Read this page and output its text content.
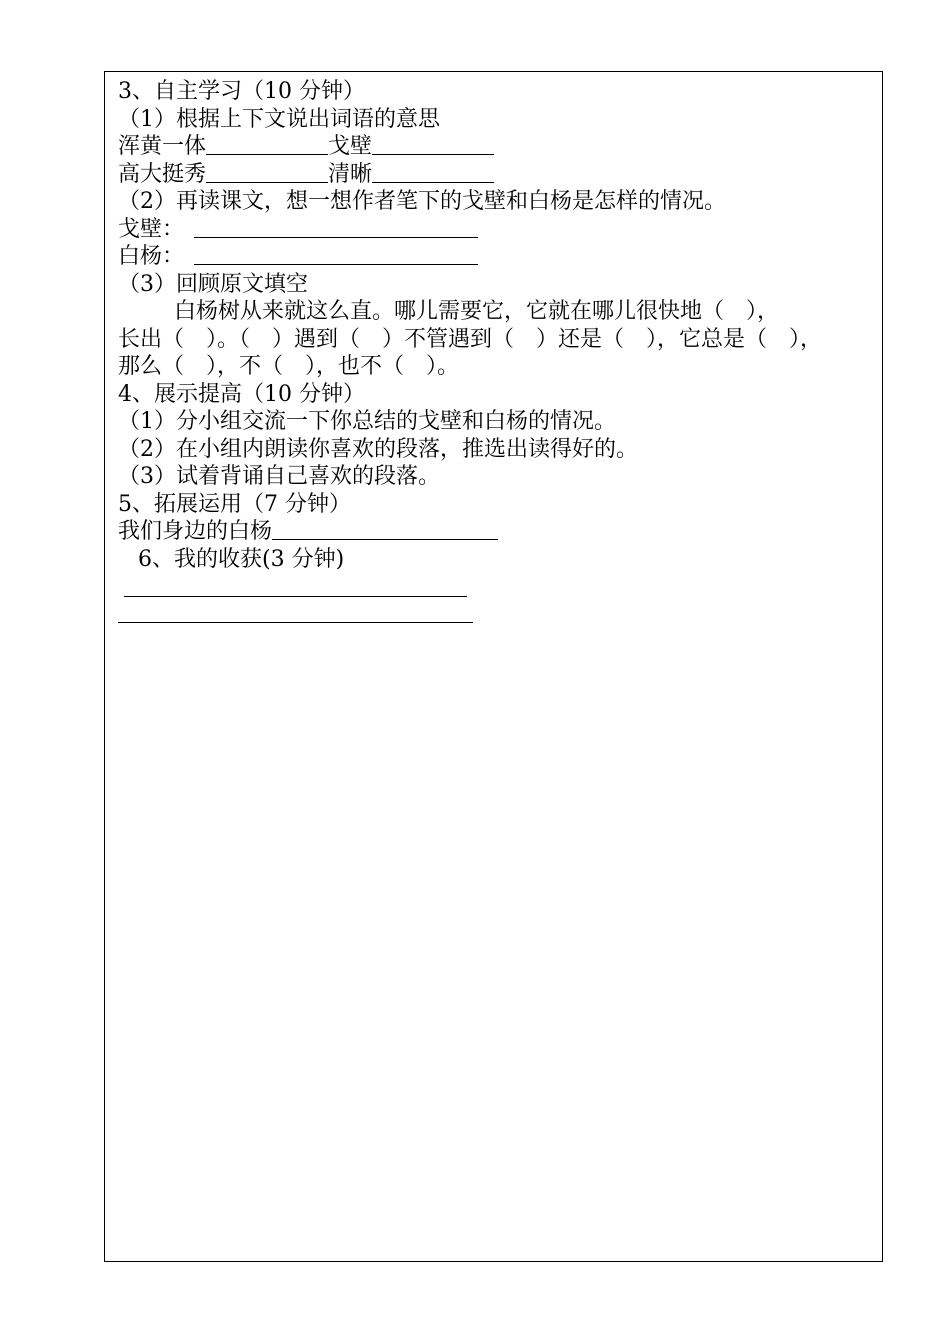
3、自主学习（10 分钟）
（1）根据上下文说出词语的意思
浑黄一体	戈壁
高大挺秀	清晰
（2）再读课文，想一想作者笔下的戈壁和白杨是怎样的情况。
戈壁：
白杨：
（3）回顾原文填空
白杨树从来就这么直。哪儿需要它，它就在哪儿很快地（　），
长出（　）。（　）遇到（　）不管遇到（　）还是（　），它总是（　），
那么（　），不（　），也不（　）。
4、展示提高（10 分钟）
（1）分小组交流一下你总结的戈壁和白杨的情况。
（2）在小组内朗读你喜欢的段落，推选出读得好的。
（3）试着背诵自己喜欢的段落。
5、拓展运用（7 分钟）
我们身边的白杨
6、我的收获(3 分钟)
